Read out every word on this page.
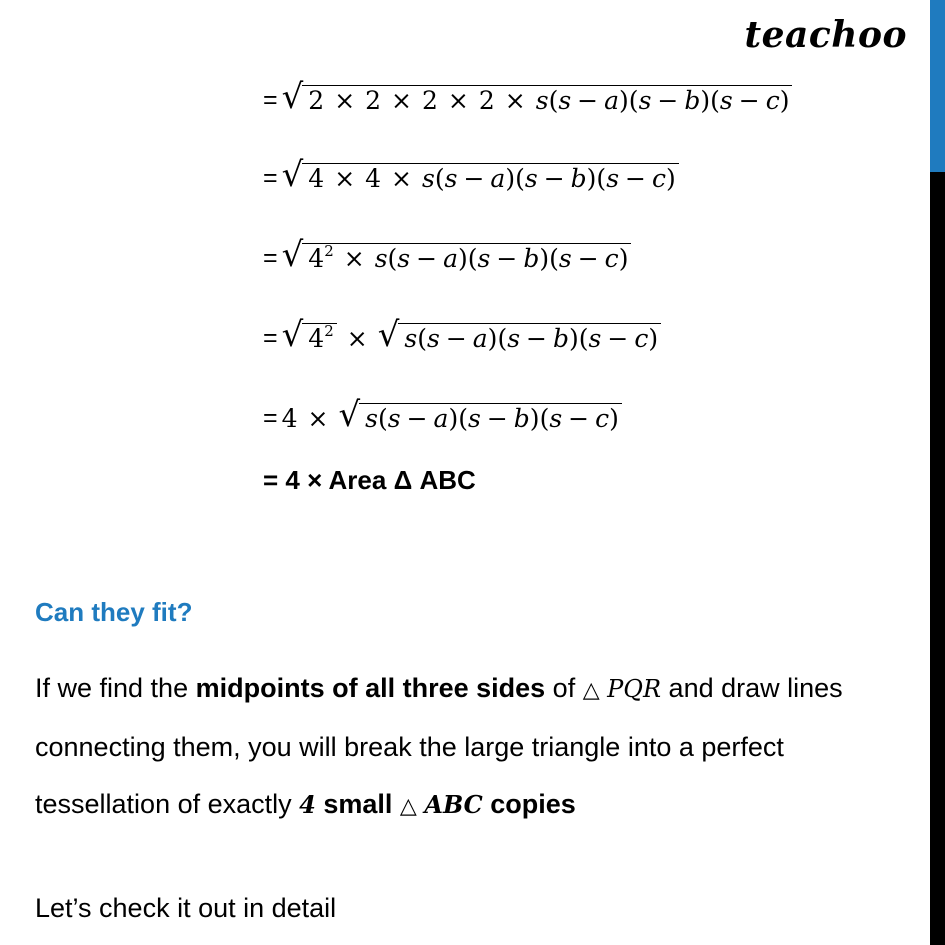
teachoo
= √ 2 × 2 × 2 × 2 × s(s − a)(s − b)(s − c)
= √ 4 × 4 × s(s − a)(s − b)(s − c)
= √ $4^2 \times s(s - a)(s - b)(s - c)$
= √ $4^2$ × √ s(s − a)(s − b)(s − c)
= 4 × √ s(s − a)(s − b)(s − c)
= 4 × Area Δ ABC
Can they fit?
If we find the midpoints of all three sides of △ PQR and draw lines connecting them, you will break the large triangle into a perfect tessellation of exactly 4 small △ ABC copies
Let’s check it out in detail
